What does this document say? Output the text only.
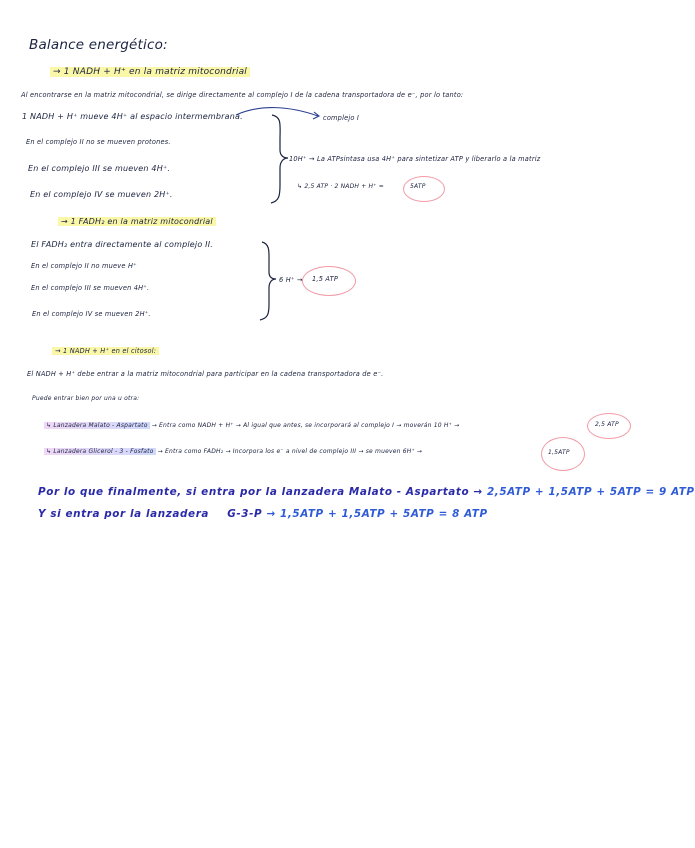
Balance energético:
→ 1 NADH + H⁺ en la matriz mitocondrial
Al encontrarse en la matriz mitocondrial, se dirige directamente al complejo I de la cadena transportadora de e⁻, por lo tanto:
1 NADH + H⁺ mueve 4H⁺ al espacio intermembrana.	complejo I
En el complejo II no se mueven protones.
En el complejo III se mueven 4H⁺.
En el complejo IV se mueven 2H⁺.
10H⁺ → La ATPsintasa usa 4H⁺ para sintetizar ATP y liberarlo a la matriz
↳ 2,5 ATP · 2 NADH + H⁺ =	5ATP
→ 1 FADH₂ en la matriz mitocondrial
El FADH₂ entra directamente al complejo II.
En el complejo II no mueve H⁺
En el complejo III se mueven 4H⁺.
En el complejo IV se mueven 2H⁺.
6 H⁺ → 1,5 ATP
→ 1 NADH + H⁺ en el citosol:
El NADH + H⁺ debe entrar a la matriz mitocondrial para participar en la cadena transportadora de e⁻.
Puede entrar bien por una u otra:
↳ Lanzadera Malato - Aspartato → Entra como NADH + H⁺ → Al igual que antes, se incorporará al complejo I → moverán 10 H⁺ →	2,5 ATP
↳ Lanzadera Glicerol - 3 - Fosfato → Entra como FADH₂ → Incorpora los e⁻ a nivel de complejo III → se mueven 6H⁺ →	1,5ATP
Por lo que finalmente, si entra por la lanzadera Malato - Aspartato → 2,5ATP + 1,5ATP + 5ATP = 9 ATP
Y si entra por la lanzadera G-3-P → 1,5ATP + 1,5ATP + 5ATP = 8 ATP
